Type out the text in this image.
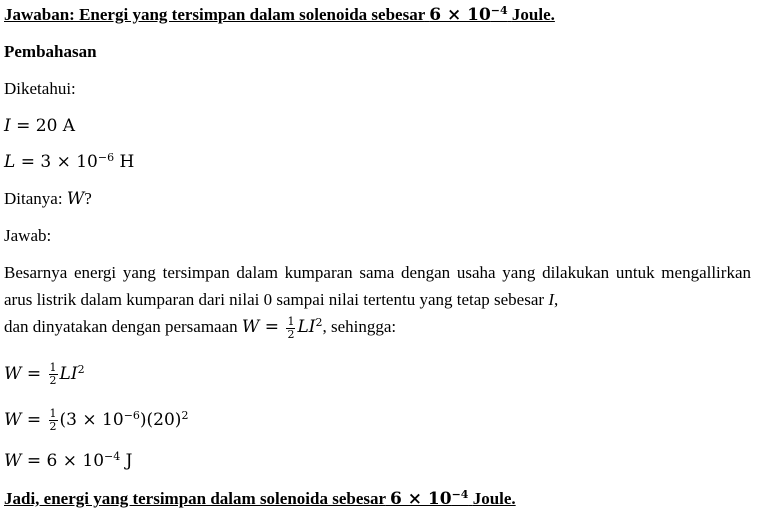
Jawaban: Energi yang tersimpan dalam solenoida sebesar $6 \times 10^{-4}$ Joule.
Pembahasan
Diketahui:
I = 20 A
$L = 3 \times 10^{-6}$ H
Ditanya: W?
Jawab:
Besarnya energi yang tersimpan dalam kumparan sama dengan usaha yang dilakukan untuk mengallirkan arus listrik dalam kumparan dari nilai 0 sampai nilai tertentu yang tetap sebesar I,
dan dinyatakan dengan persamaan $W = \frac{1}{2} LI^2$, sehingga:
$W = \frac{1}{2} LI^2$
$W = \frac{1}{2} (3 \times 10^{-6})(20)^2$
$W = 6 \times 10^{-4}$ J
Jadi, energi yang tersimpan dalam solenoida sebesar $6 \times 10^{-4}$ Joule.
